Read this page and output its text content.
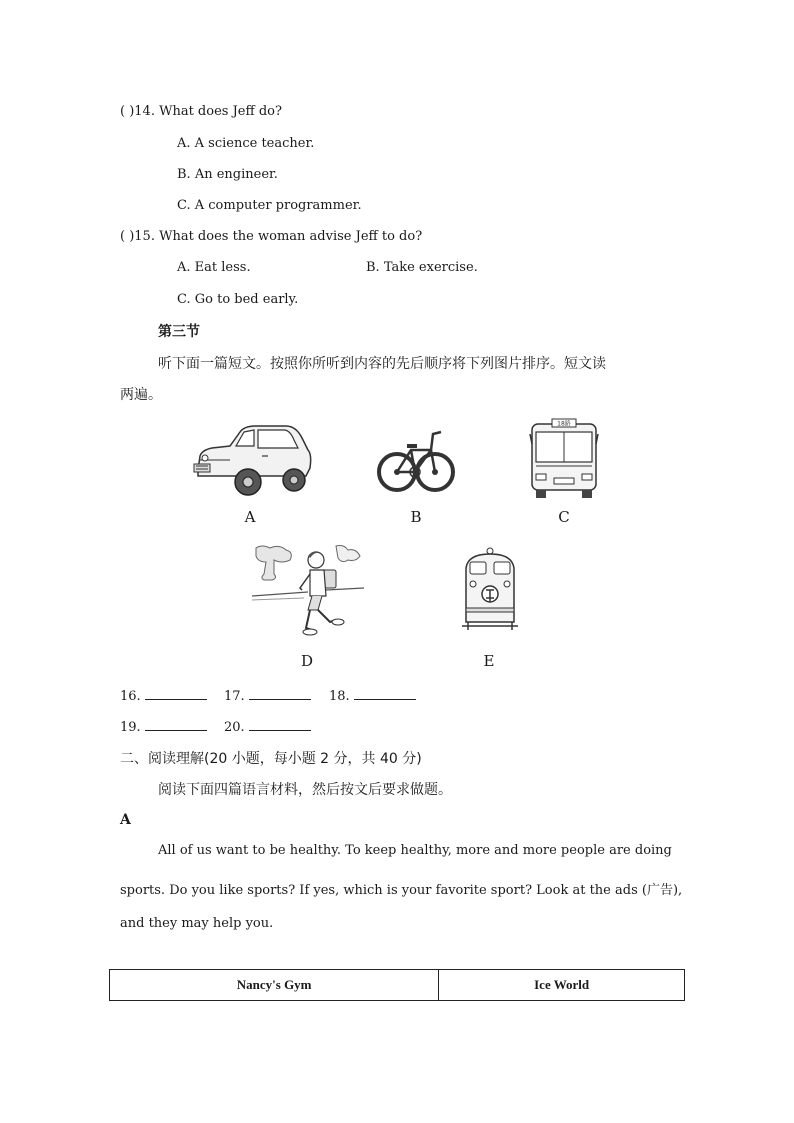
( )14. What does Jeff do?
A. A science teacher.
B. An engineer.
C. A computer programmer.
( )15. What does the woman advise Jeff to do?
A. Eat less.	B. Take exercise.
C. Go to bed early.
第三节
听下面一篇短文。按照你所听到内容的先后顺序将下列图片排序。短文读
两遍。
A	B
18路
C
D	E
16.	17.	18.
19.	20.
二、阅读理解(20 小题，每小题 2 分，共 40 分)
阅读下面四篇语言材料，然后按文后要求做题。
A
All of us want to be healthy. To keep healthy, more and more people are doing
sports. Do you like sports? If yes, which is your favorite sport? Look at the ads (广告),
and they may help you.
Nancy's Gym	Ice World
